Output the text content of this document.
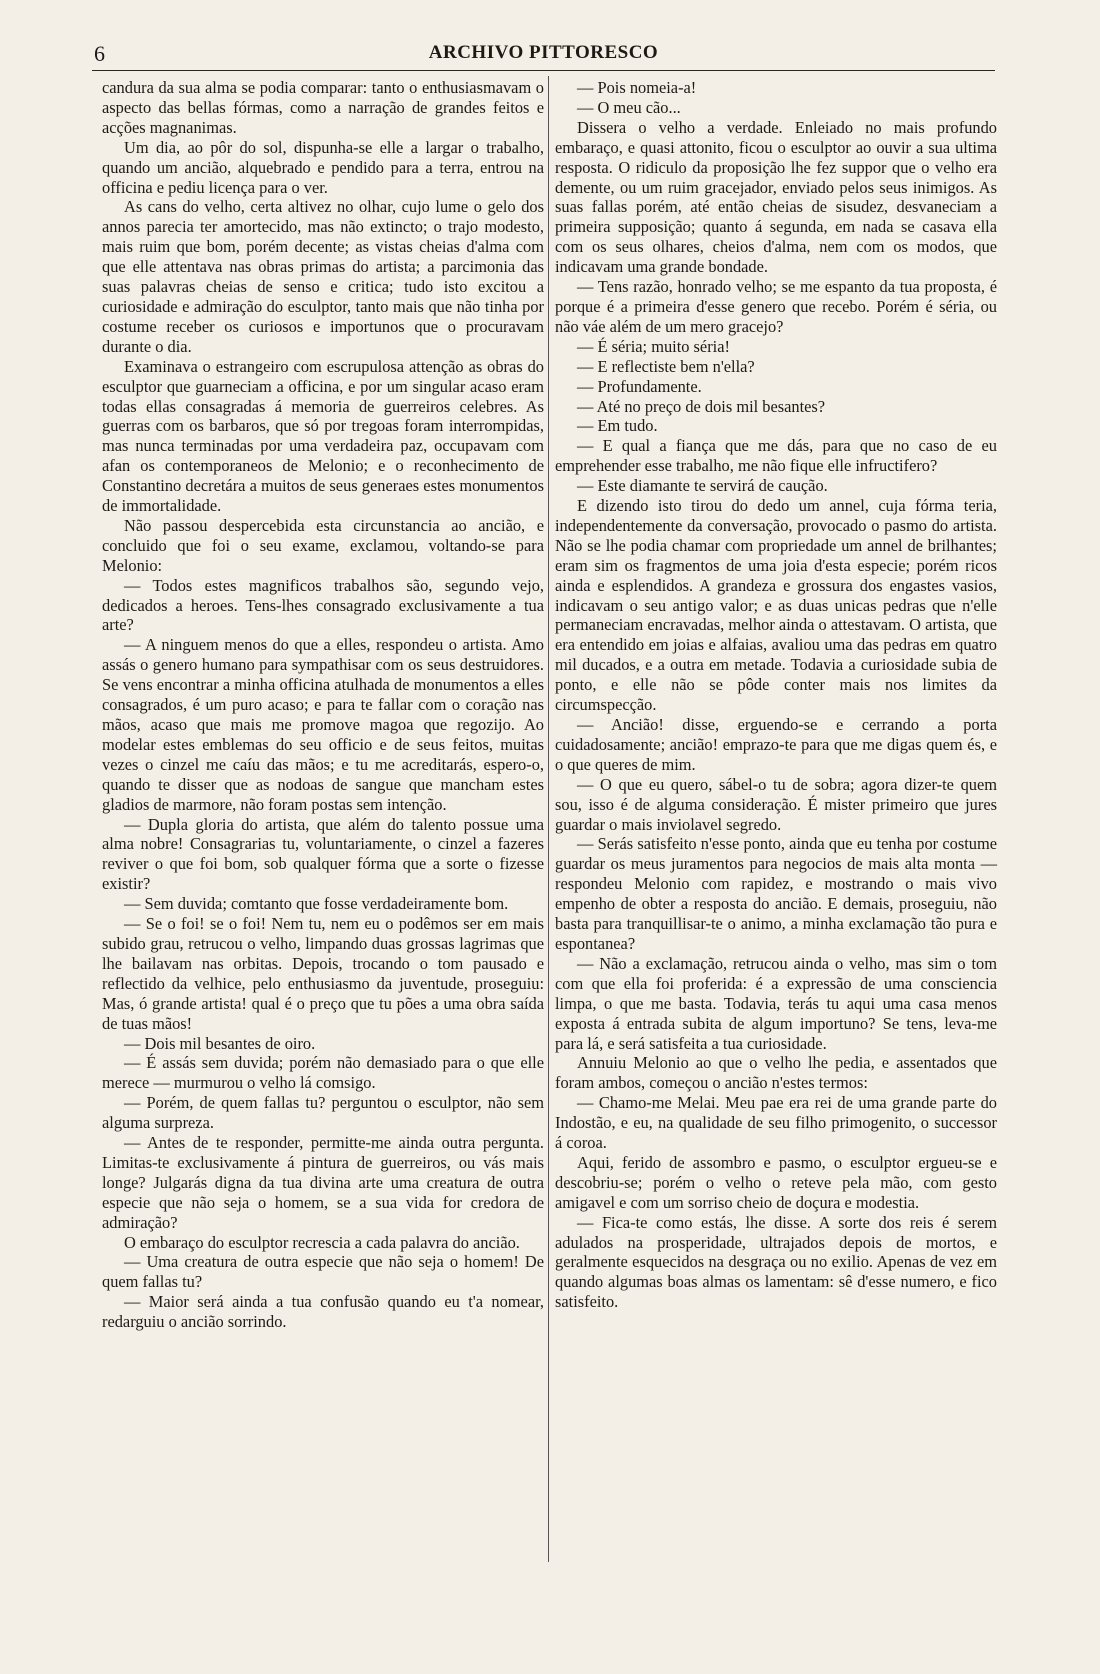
6	ARCHIVO PITTORESCO

candura da sua alma se podia comparar: tanto o enthusiasmavam o aspecto das bellas fórmas, como a narração de grandes feitos e acções magnanimas.

Um dia, ao pôr do sol, dispunha-se elle a largar o trabalho, quando um ancião, alquebrado e pendido para a terra, entrou na officina e pediu licença para o ver.

As cans do velho, certa altivez no olhar, cujo lume o gelo dos annos parecia ter amortecido, mas não extincto; o trajo modesto, mais ruim que bom, porém decente; as vistas cheias d'alma com que elle attentava nas obras primas do artista; a parcimonia das suas palavras cheias de senso e critica; tudo isto excitou a curiosidade e admiração do esculptor, tanto mais que não tinha por costume receber os curiosos e importunos que o procuravam durante o dia.

Examinava o estrangeiro com escrupulosa attenção as obras do esculptor que guarneciam a officina, e por um singular acaso eram todas ellas consagradas á memoria de guerreiros celebres. As guerras com os barbaros, que só por tregoas foram interrompidas, mas nunca terminadas por uma verdadeira paz, occupavam com afan os contemporaneos de Melonio; e o reconhecimento de Constantino decretára a muitos de seus generaes estes monumentos de immortalidade.

Não passou despercebida esta circunstancia ao ancião, e concluido que foi o seu exame, exclamou, voltando-se para Melonio:

— Todos estes magnificos trabalhos são, segundo vejo, dedicados a heroes. Tens-lhes consagrado exclusivamente a tua arte?

— A ninguem menos do que a elles, respondeu o artista. Amo assás o genero humano para sympathisar com os seus destruidores. Se vens encontrar a minha officina atulhada de monumentos a elles consagrados, é um puro acaso; e para te fallar com o coração nas mãos, acaso que mais me promove magoa que regozijo. Ao modelar estes emblemas do seu officio e de seus feitos, muitas vezes o cinzel me caíu das mãos; e tu me acreditarás, espero-o, quando te disser que as nodoas de sangue que mancham estes gladios de marmore, não foram postas sem intenção.

— Dupla gloria do artista, que além do talento possue uma alma nobre! Consagrarias tu, voluntariamente, o cinzel a fazeres reviver o que foi bom, sob qualquer fórma que a sorte o fizesse existir?

— Sem duvida; comtanto que fosse verdadeiramente bom.

— Se o foi! se o foi! Nem tu, nem eu o podêmos ser em mais subido grau, retrucou o velho, limpando duas grossas lagrimas que lhe bailavam nas orbitas. Depois, trocando o tom pausado e reflectido da velhice, pelo enthusiasmo da juventude, proseguiu: Mas, ó grande artista! qual é o preço que tu pões a uma obra saída de tuas mãos!

— Dois mil besantes de oiro.

— É assás sem duvida; porém não demasiado para o que elle merece — murmurou o velho lá comsigo.

— Porém, de quem fallas tu? perguntou o esculptor, não sem alguma surpreza.

— Antes de te responder, permitte-me ainda outra pergunta. Limitas-te exclusivamente á pintura de guerreiros, ou vás mais longe? Julgarás digna da tua divina arte uma creatura de outra especie que não seja o homem, se a sua vida for credora de admiração?

O embaraço do esculptor recrescia a cada palavra do ancião.

— Uma creatura de outra especie que não seja o homem! De quem fallas tu?

— Maior será ainda a tua confusão quando eu t'a nomear, redarguiu o ancião sorrindo.

— Pois nomeia-a!

— O meu cão...

Dissera o velho a verdade. Enleiado no mais profundo embaraço, e quasi attonito, ficou o esculptor ao ouvir a sua ultima resposta. O ridiculo da proposição lhe fez suppor que o velho era demente, ou um ruim gracejador, enviado pelos seus inimigos. As suas fallas porém, até então cheias de sisudez, desvaneciam a primeira supposição; quanto á segunda, em nada se casava ella com os seus olhares, cheios d'alma, nem com os modos, que indicavam uma grande bondade.

— Tens razão, honrado velho; se me espanto da tua proposta, é porque é a primeira d'esse genero que recebo. Porém é séria, ou não váe além de um mero gracejo?

— É séria; muito séria!

— E reflectiste bem n'ella?

— Profundamente.

— Até no preço de dois mil besantes?

— Em tudo.

— E qual a fiança que me dás, para que no caso de eu emprehender esse trabalho, me não fique elle infructifero?

— Este diamante te servirá de caução.

E dizendo isto tirou do dedo um annel, cuja fórma teria, independentemente da conversação, provocado o pasmo do artista. Não se lhe podia chamar com propriedade um annel de brilhantes; eram sim os fragmentos de uma joia d'esta especie; porém ricos ainda e esplendidos. A grandeza e grossura dos engastes vasios, indicavam o seu antigo valor; e as duas unicas pedras que n'elle permaneciam encravadas, melhor ainda o attestavam. O artista, que era entendido em joias e alfaias, avaliou uma das pedras em quatro mil ducados, e a outra em metade. Todavia a curiosidade subia de ponto, e elle não se pôde conter mais nos limites da circumspecção.

— Ancião! disse, erguendo-se e cerrando a porta cuidadosamente; ancião! emprazo-te para que me digas quem és, e o que queres de mim.

— O que eu quero, sábel-o tu de sobra; agora dizer-te quem sou, isso é de alguma consideração. É mister primeiro que jures guardar o mais inviolavel segredo.

— Serás satisfeito n'esse ponto, ainda que eu tenha por costume guardar os meus juramentos para negocios de mais alta monta — respondeu Melonio com rapidez, e mostrando o mais vivo empenho de obter a resposta do ancião. E demais, proseguiu, não basta para tranquillisar-te o animo, a minha exclamação tão pura e espontanea?

— Não a exclamação, retrucou ainda o velho, mas sim o tom com que ella foi proferida: é a expressão de uma consciencia limpa, o que me basta. Todavia, terás tu aqui uma casa menos exposta á entrada subita de algum importuno? Se tens, leva-me para lá, e será satisfeita a tua curiosidade.

Annuiu Melonio ao que o velho lhe pedia, e assentados que foram ambos, começou o ancião n'estes termos:

— Chamo-me Melai. Meu pae era rei de uma grande parte do Indostão, e eu, na qualidade de seu filho primogenito, o successor á coroa.

Aqui, ferido de assombro e pasmo, o esculptor ergueu-se e descobriu-se; porém o velho o reteve pela mão, com gesto amigavel e com um sorriso cheio de doçura e modestia.

— Fica-te como estás, lhe disse. A sorte dos reis é serem adulados na prosperidade, ultrajados depois de mortos, e geralmente esquecidos na desgraça ou no exilio. Apenas de vez em quando algumas boas almas os lamentam: sê d'esse numero, e fico satisfeito.
